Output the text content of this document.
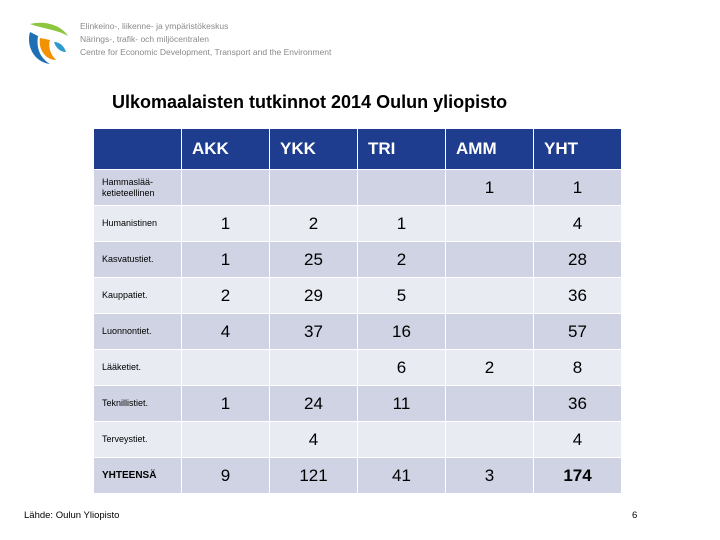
Elinkeino-, liikenne- ja ympäristökeskus
Närings-, trafik- och miljöcentralen
Centre for Economic Development, Transport and the Environment
Ulkomaalaisten tutkinnot 2014 Oulun yliopisto
	AKK	YKK	TRI	AMM	YHT
Hammaslää-
ketieteellinen				1	1
Humanistinen	1	2	1		4
Kasvatustiet.	1	25	2		28
Kauppatiet.	2	29	5		36
Luonnontiet.	4	37	16		57
Lääketiet.			6	2	8
Teknillistiet.	1	24	11		36
Terveystiet.		4			4
YHTEENSÄ	9	121	41	3	174
Lähde: Oulun Yliopisto	6
